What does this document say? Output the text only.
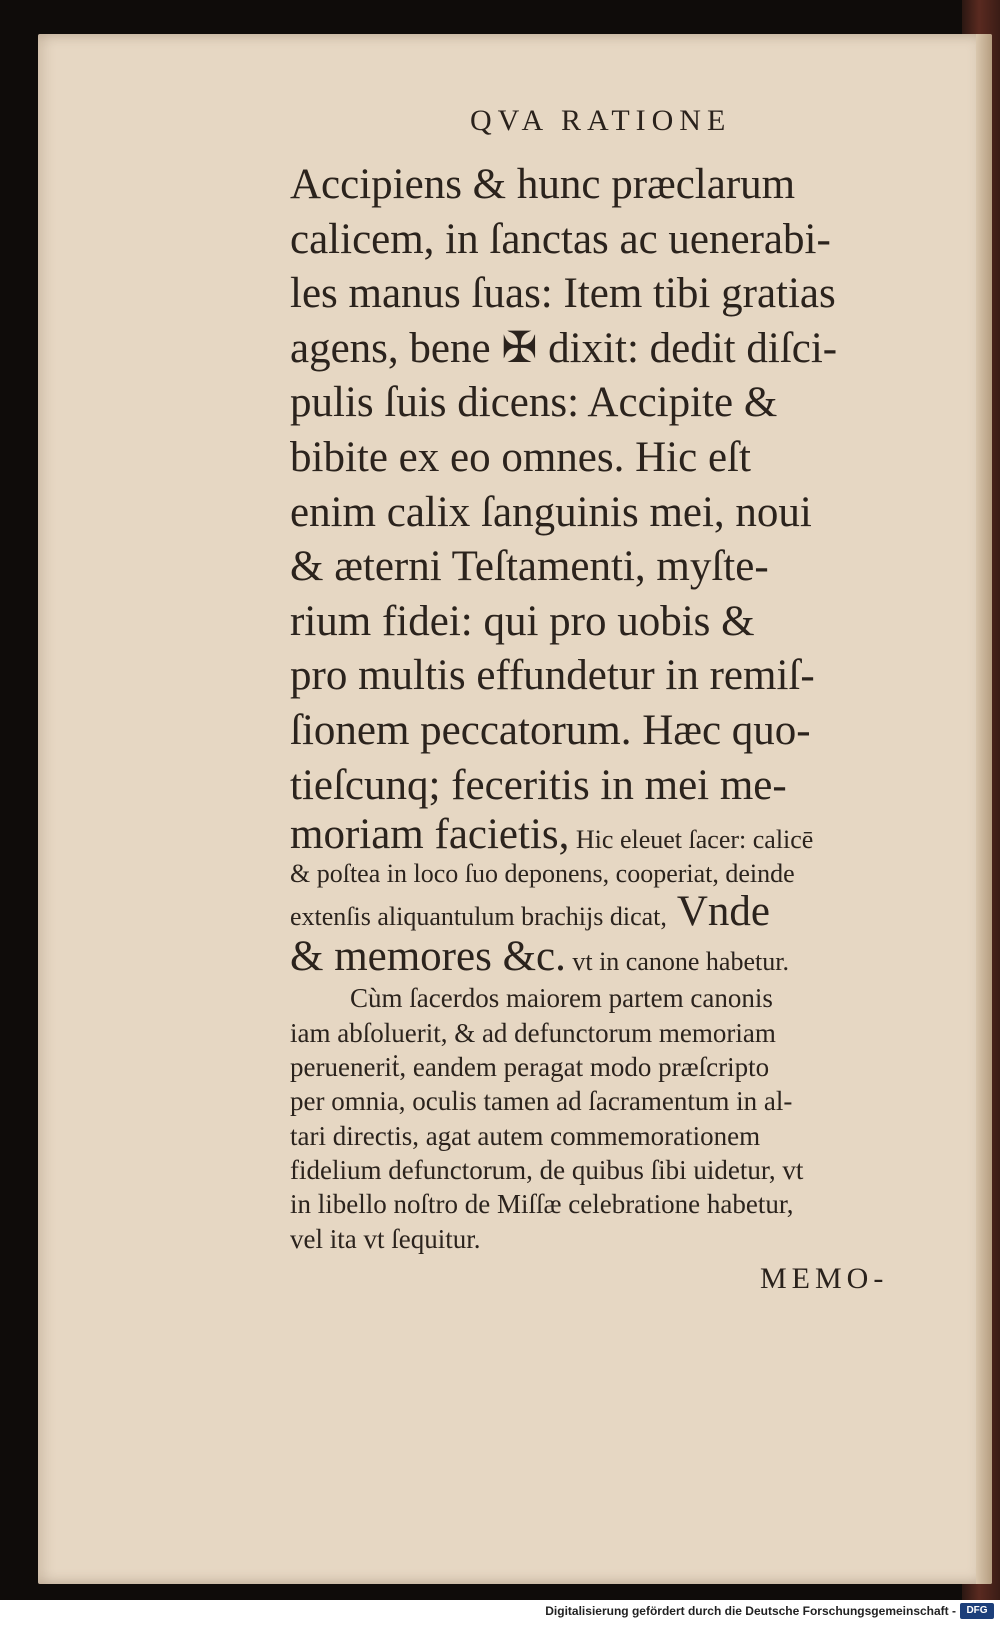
QVA RATIONE
Accipiens & hunc præclarum
calicem, in ſanctas ac uenerabi-
les manus ſuas: Item tibi gratias
agens, bene ✠ dixit: dedit diſci-
pulis ſuis dicens: Accipite &
bibite ex eo omnes. Hic eſt
enim calix ſanguinis mei, noui
& æterni Teſtamenti, myſte-
rium fidei: qui pro uobis &
pro multis effundetur in remiſ-
ſionem peccatorum. Hæc quo-
tieſcunq; feceritis in mei me-
moriam facietis, Hic eleuet ſacer: calicē
& poſtea in loco ſuo deponens, cooperiat, deinde
extenſis aliquantulum brachijs dicat, Vnde
& memores &c. vt in canone habetur.
Cùm ſacerdos maiorem partem canonis
iam abſoluerit, & ad defunctorum memoriam
perueneriṫ, eandem peragat modo præſcripto
per omnia, oculis tamen ad ſacramentum in al-
tari directis, agat autem commemorationem
fidelium defunctorum, de quibus ſibi uidetur, vt
in libello noſtro de Miſſæ celebratione habetur,
vel ita vt ſequitur.
MEMO-
Digitalisierung gefördert durch die Deutsche Forschungsgemeinschaft -	DFG
